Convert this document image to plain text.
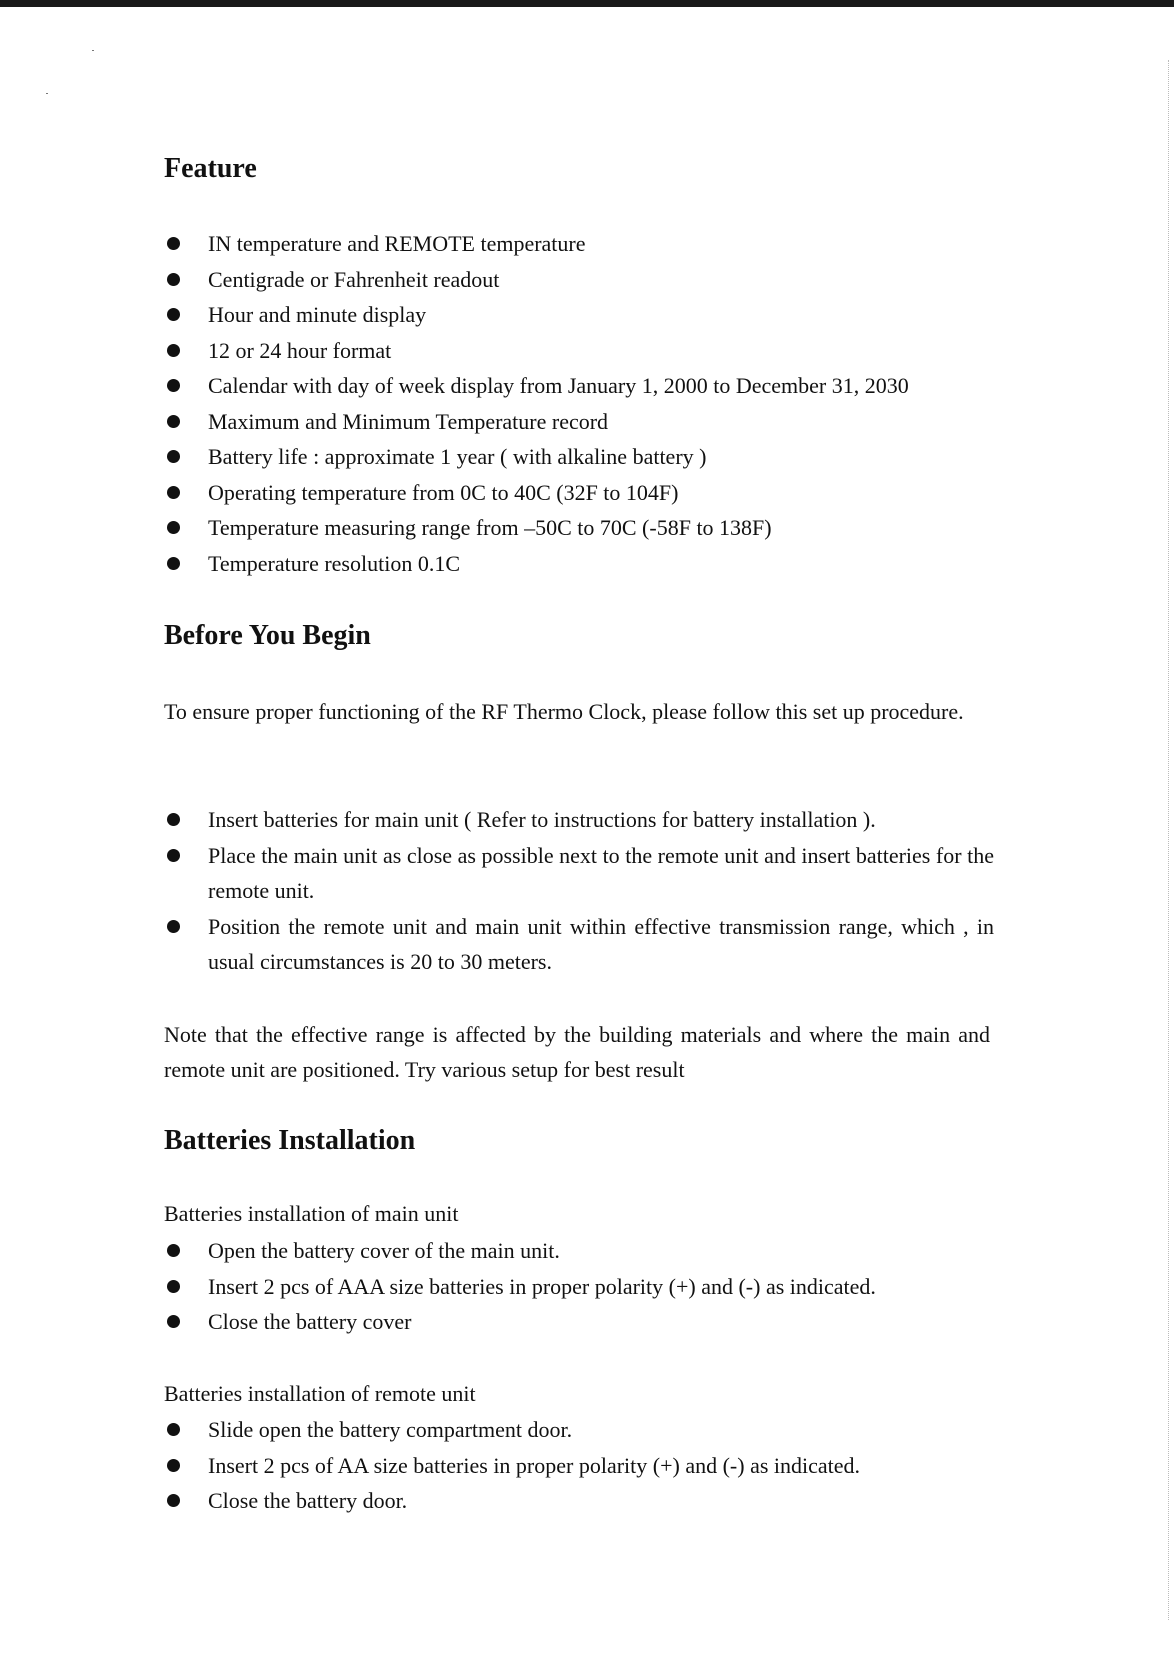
Feature
IN temperature and REMOTE temperature
Centigrade or Fahrenheit readout
Hour and minute display
12 or 24 hour format
Calendar with day of week display from January 1, 2000 to December 31, 2030
Maximum and Minimum Temperature record
Battery life : approximate 1 year ( with alkaline battery )
Operating temperature from 0C to 40C (32F to 104F)
Temperature measuring range from –50C to 70C (-58F to 138F)
Temperature resolution 0.1C
Before You Begin

To ensure proper functioning of the RF Thermo Clock, please follow this set up procedure.

Insert batteries for main unit ( Refer to instructions for battery installation ).
Place the main unit as close as possible next to the remote unit and insert batteries for the remote unit.
Position the remote unit and main unit within effective transmission range, which , in usual circumstances is 20 to 30 meters.

Note that the effective range is affected by the building materials and where the main and remote unit are positioned. Try various setup for best result

Batteries Installation

Batteries installation of main unit

Open the battery cover of the main unit.
Insert 2 pcs of AAA size batteries in proper polarity (+) and (-) as indicated.
Close the battery cover

Batteries installation of remote unit

Slide open the battery compartment door.
Insert 2 pcs of AA size batteries in proper polarity (+) and (-) as indicated.
Close the battery door.
